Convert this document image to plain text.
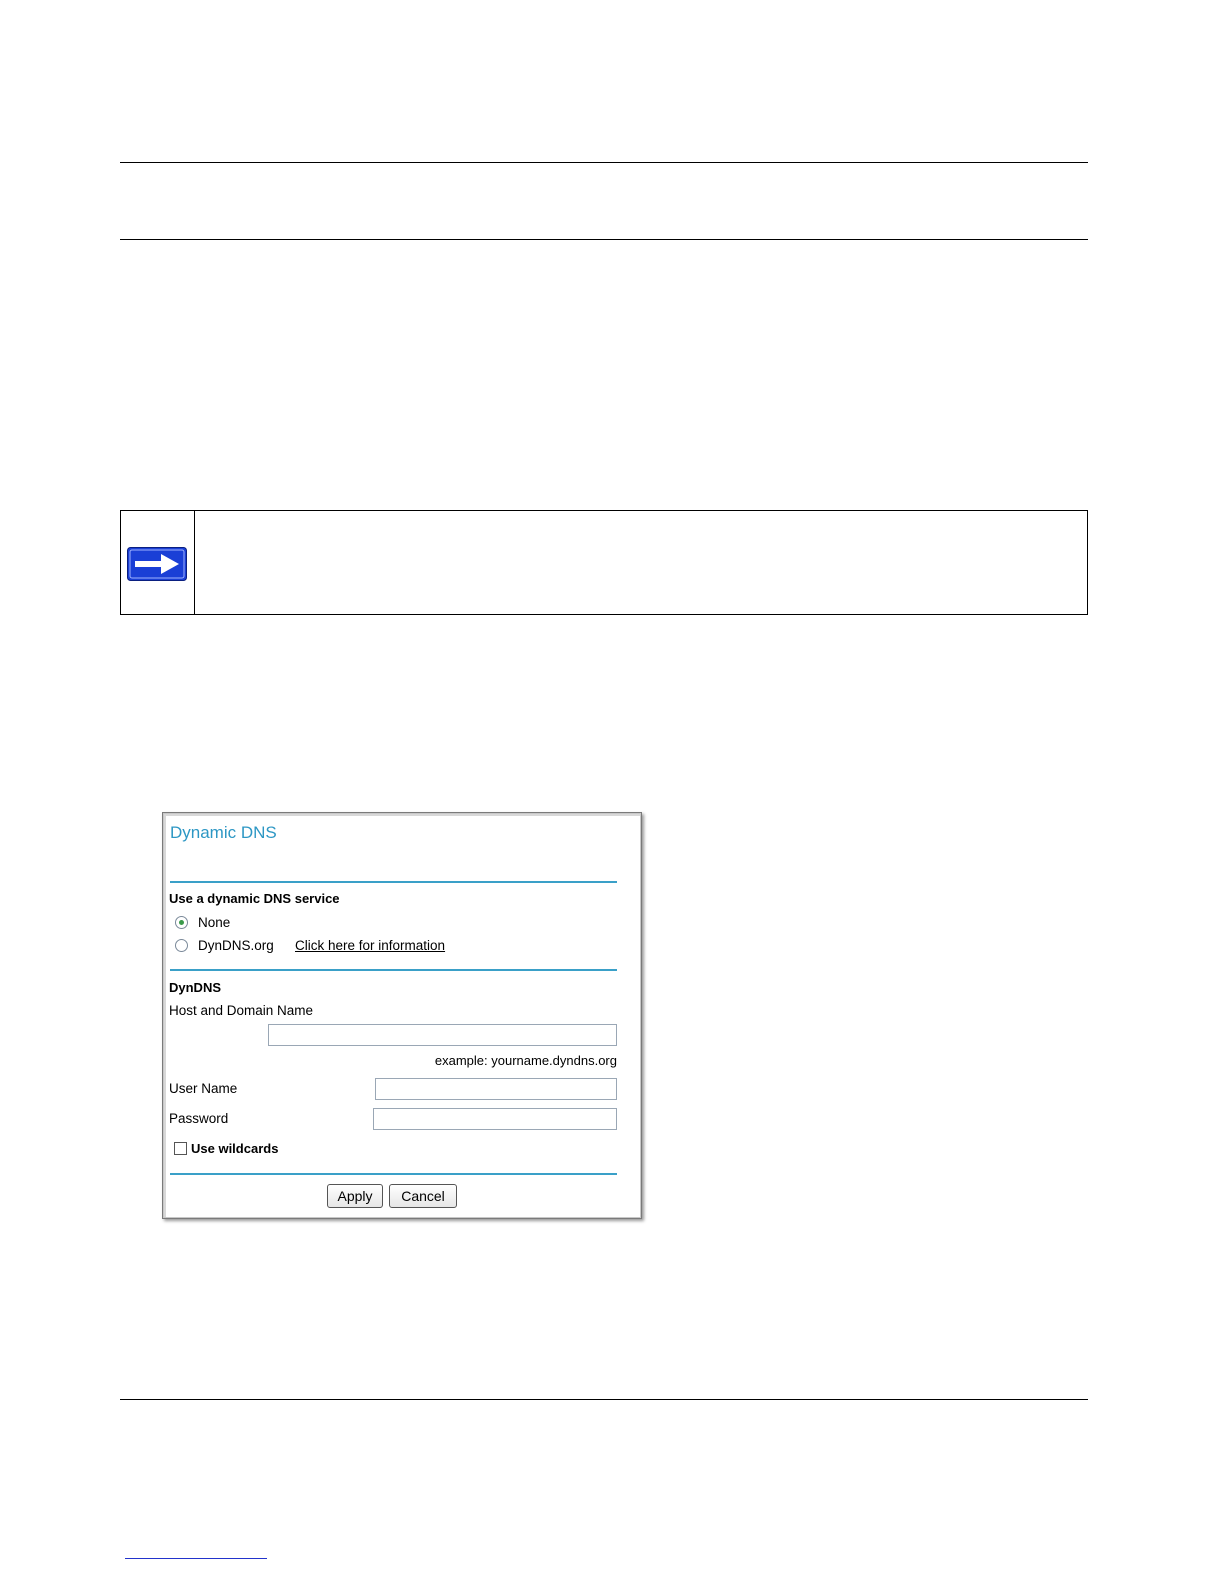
Dynamic DNS
Use a dynamic DNS service
None
DynDNS.org Click here for information
DynDNS
Host and Domain Name
example: yourname.dyndns.org
User Name
Password
Use wildcards
Apply	Cancel
